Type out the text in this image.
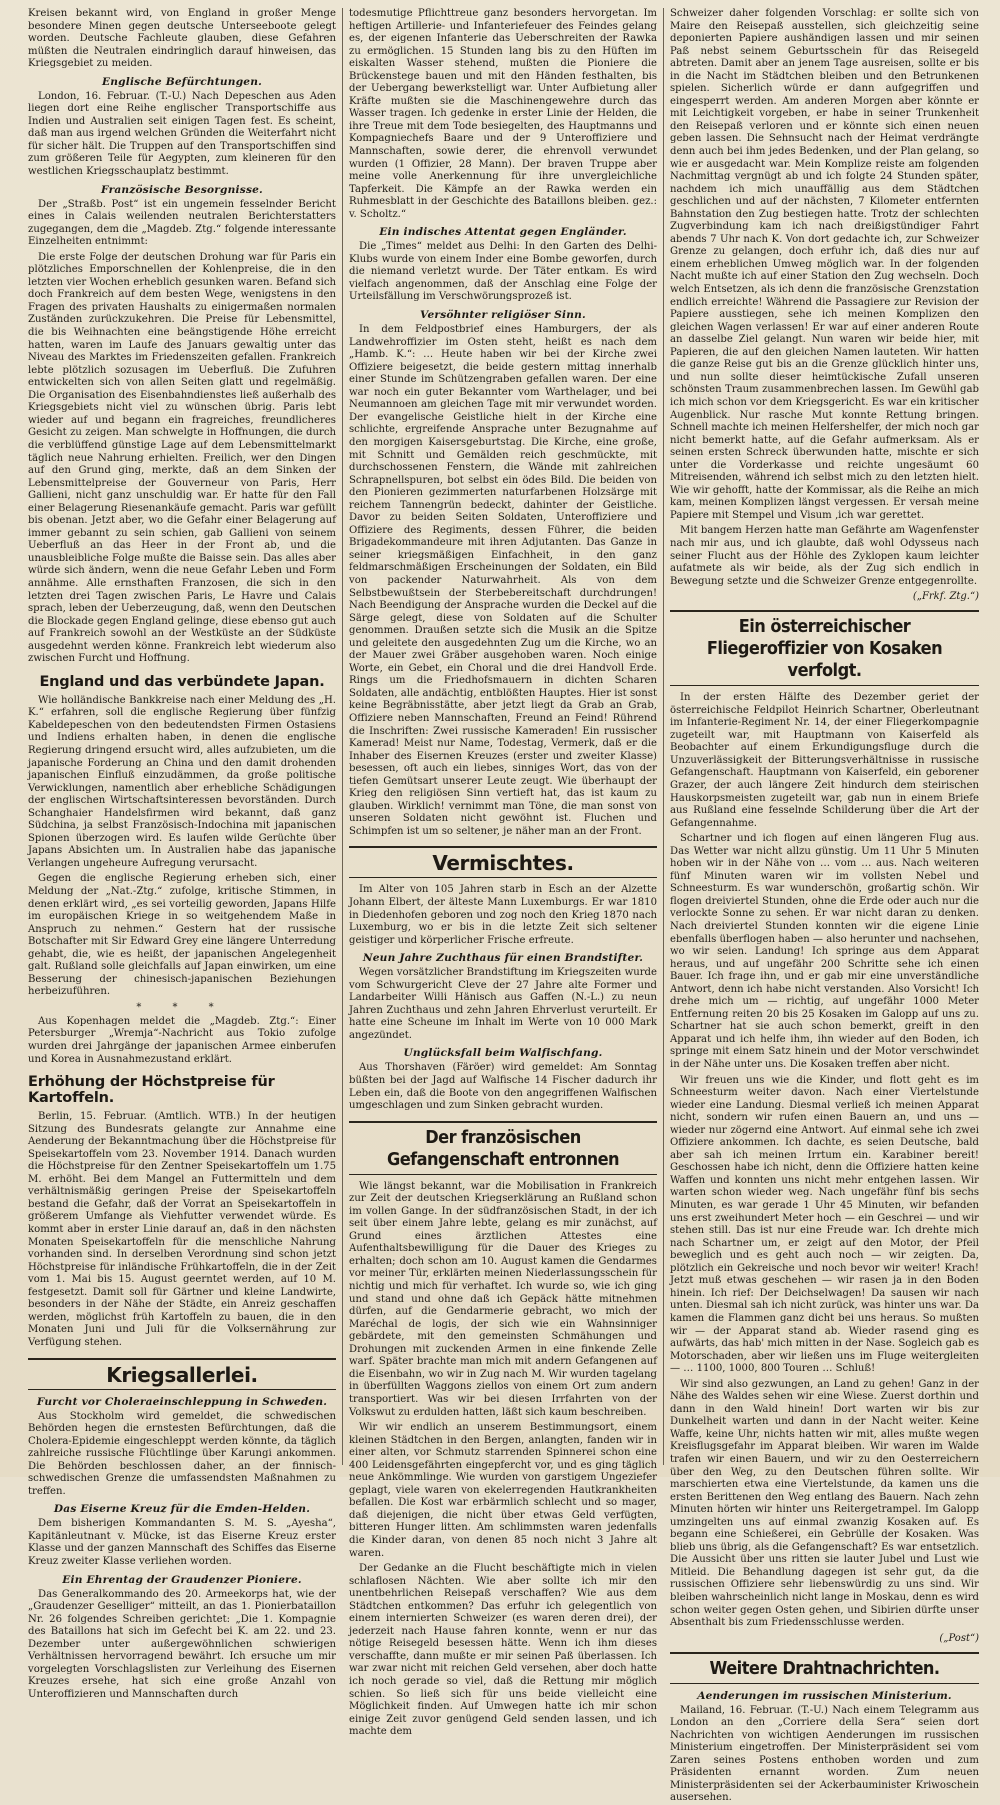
Kreisen bekannt wird, von England in großer Menge besondere Minen gegen deutsche Unterseeboote gelegt worden. Deutsche Fachleute glauben, diese Gefahren müßten die Neutralen eindringlich darauf hinweisen, das Kriegsgebiet zu meiden.

Englische Befürchtungen.

London, 16. Februar. (T.-U.) Nach Depeschen aus Aden liegen dort eine Reihe englischer Transportschiffe aus Indien und Australien seit einigen Tagen fest. Es scheint, daß man aus irgend welchen Gründen die Weiterfahrt nicht für sicher hält. Die Truppen auf den Transportschiffen sind zum größeren Teile für Aegypten, zum kleineren für den westlichen Kriegsschauplatz bestimmt.

Französische Besorgnisse.

Der „Straßb. Post“ ist ein ungemein fesselnder Bericht eines in Calais weilenden neutralen Berichterstatters zugegangen, dem die „Magdeb. Ztg.“ folgende interessante Einzelheiten entnimmt:

Die erste Folge der deutschen Drohung war für Paris ein plötzliches Emporschnellen der Kohlenpreise, die in den letzten vier Wochen erheblich gesunken waren. Befand sich doch Frankreich auf dem besten Wege, wenigstens in den Fragen des privaten Haushalts zu einigermaßen normalen Zuständen zurückzukehren. Die Preise für Lebensmittel, die bis Weihnachten eine beängstigende Höhe erreicht hatten, waren im Laufe des Januars gewaltig unter das Niveau des Marktes im Friedenszeiten gefallen. Frankreich lebte plötzlich sozusagen im Ueberfluß. Die Zufuhren entwickelten sich von allen Seiten glatt und regelmäßig. Die Organisation des Eisenbahndienstes ließ außerhalb des Kriegsgebiets nicht viel zu wünschen übrig. Paris lebt wieder auf und begann ein fragreiches, freundlicheres Gesicht zu zeigen. Man schwelgte in Hoffnungen, die durch die verblüffend günstige Lage auf dem Lebensmittelmarkt täglich neue Nahrung erhielten. Freilich, wer den Dingen auf den Grund ging, merkte, daß an dem Sinken der Lebensmittelpreise der Gouverneur von Paris, Herr Gallieni, nicht ganz unschuldig war. Er hatte für den Fall einer Belagerung Riesenankäufe gemacht. Paris war gefüllt bis obenan. Jetzt aber, wo die Gefahr einer Belagerung auf immer gebannt zu sein schien, gab Gallieni von seinem Ueberfluß an das Heer in der Front ab, und die unausbleibliche Folge mußte die Baisse sein. Das alles aber würde sich ändern, wenn die neue Gefahr Leben und Form annähme. Alle ernsthaften Franzosen, die sich in den letzten drei Tagen zwischen Paris, Le Havre und Calais sprach, leben der Ueberzeugung, daß, wenn den Deutschen die Blockade gegen England gelinge, diese ebenso gut auch auf Frankreich sowohl an der Westküste an der Südküste ausgedehnt werden könne. Frankreich lebt wiederum also zwischen Furcht und Hoffnung.

England und das verbündete Japan.

Wie holländische Bankkreise nach einer Meldung des „H. K.“ erfahren, soll die englische Regierung über fünfzig Kabeldepeschen von den bedeutendsten Firmen Ostasiens und Indiens erhalten haben, in denen die englische Regierung dringend ersucht wird, alles aufzubieten, um die japanische Forderung an China und den damit drohenden japanischen Einfluß einzudämmen, da große politische Verwicklungen, namentlich aber erhebliche Schädigungen der englischen Wirtschaftsinteressen bevorständen. Durch Schanghaier Handelsfirmen wird bekannt, daß ganz Südchina, ja selbst Französisch-Indochina mit japanischen Spionen überzogen wird. Es laufen wilde Gerüchte über Japans Absichten um. In Australien habe das japanische Verlangen ungeheure Aufregung verursacht.

Gegen die englische Regierung erheben sich, einer Meldung der „Nat.-Ztg.“ zufolge, kritische Stimmen, in denen erklärt wird, „es sei vorteilig geworden, Japans Hilfe im europäischen Kriege in so weitgehendem Maße in Anspruch zu nehmen.“ Gestern hat der russische Botschafter mit Sir Edward Grey eine längere Unterredung gehabt, die, wie es heißt, der japanischen Angelegenheit galt. Rußland solle gleichfalls auf Japan einwirken, um eine Besserung der chinesisch-japanischen Beziehungen herbeizuführen.

* * *

Aus Kopenhagen meldet die „Magdeb. Ztg.“: Einer Petersburger „Wremja“-Nachricht aus Tokio zufolge wurden drei Jahrgänge der japanischen Armee einberufen und Korea in Ausnahmezustand erklärt.

Erhöhung der Höchstpreise für Kartoffeln.

Berlin, 15. Februar. (Amtlich. WTB.) In der heutigen Sitzung des Bundesrats gelangte zur Annahme eine Aenderung der Bekanntmachung über die Höchstpreise für Speisekartoffeln vom 23. November 1914. Danach wurden die Höchstpreise für den Zentner Speisekartoffeln um 1.75 M. erhöht. Bei dem Mangel an Futtermitteln und dem verhältnismäßig geringen Preise der Speisekartoffeln bestand die Gefahr, daß der Vorrat an Speisekartoffeln in größerem Umfange als Viehfutter verwendet würde. Es kommt aber in erster Linie darauf an, daß in den nächsten Monaten Speisekartoffeln für die menschliche Nahrung vorhanden sind. In derselben Verordnung sind schon jetzt Höchstpreise für inländische Frühkartoffeln, die in der Zeit vom 1. Mai bis 15. August geerntet werden, auf 10 M. festgesetzt. Damit soll für Gärtner und kleine Landwirte, besonders in der Nähe der Städte, ein Anreiz geschaffen werden, möglichst früh Kartoffeln zu bauen, die in den Monaten Juni und Juli für die Volksernährung zur Verfügung stehen.

Kriegsallerlei.
Furcht vor Choleraeinschleppung in Schweden.

Aus Stockholm wird gemeldet, die schwedischen Behörden hegen die ernstesten Befürchtungen, daß die Cholera-Epidemie eingeschleppt werden könnte, da täglich zahlreiche russische Flüchtlinge über Karungi ankommen. Die Behörden beschlossen daher, an der finnisch-schwedischen Grenze die umfassendsten Maßnahmen zu treffen.

Das Eiserne Kreuz für die Emden-Helden.

Dem bisherigen Kommandanten S. M. S. „Ayesha“, Kapitänleutnant v. Mücke, ist das Eiserne Kreuz erster Klasse und der ganzen Mannschaft des Schiffes das Eiserne Kreuz zweiter Klasse verliehen worden.

Ein Ehrentag der Graudenzer Pioniere.

Das Generalkommando des 20. Armeekorps hat, wie der „Graudenzer Geselliger“ mitteilt, an das 1. Pionierbataillon Nr. 26 folgendes Schreiben gerichtet: „Die 1. Kompagnie des Bataillons hat sich im Gefecht bei K. am 22. und 23. Dezember unter außergewöhnlichen schwierigen Verhältnissen hervorragend bewährt. Ich ersuche um mir vorgelegten Vorschlagslisten zur Verleihung des Eisernen Kreuzes ersehe, hat sich eine große Anzahl von Unteroffizieren und Mannschaften durch

todesmutige Pflichttreue ganz besonders hervorgetan. Im heftigen Artillerie- und Infanteriefeuer des Feindes gelang es, der eigenen Infanterie das Ueberschreiten der Rawka zu ermöglichen. 15 Stunden lang bis zu den Hüften im eiskalten Wasser stehend, mußten die Pioniere die Brückenstege bauen und mit den Händen festhalten, bis der Uebergang bewerkstelligt war. Unter Aufbietung aller Kräfte mußten sie die Maschinengewehre durch das Wasser tragen. Ich gedenke in erster Linie der Helden, die ihre Treue mit dem Tode besiegelten, des Hauptmanns und Kompagniechefs Baare und der 9 Unteroffiziere und Mannschaften, sowie derer, die ehrenvoll verwundet wurden (1 Offizier, 28 Mann). Der braven Truppe aber meine volle Anerkennung für ihre unvergleichliche Tapferkeit. Die Kämpfe an der Rawka werden ein Ruhmesblatt in der Geschichte des Bataillons bleiben. gez.: v. Scholtz.“

Ein indisches Attentat gegen Engländer.

Die „Times“ meldet aus Delhi: In den Garten des Delhi-Klubs wurde von einem Inder eine Bombe geworfen, durch die niemand verletzt wurde. Der Täter entkam. Es wird vielfach angenommen, daß der Anschlag eine Folge der Urteilsfällung im Verschwörungsprozeß ist.

Versöhnter religiöser Sinn.

In dem Feldpostbrief eines Hamburgers, der als Landwehroffizier im Osten steht, heißt es nach dem „Hamb. K.“: … Heute haben wir bei der Kirche zwei Offiziere beigesetzt, die beide gestern mittag innerhalb einer Stunde im Schützengraben gefallen waren. Der eine war noch ein guter Bekannter vom Warthelager, und bei Neumannoen am gleichen Tage mit mir verwundet worden. Der evangelische Geistliche hielt in der Kirche eine schlichte, ergreifende Ansprache unter Bezugnahme auf den morgigen Kaisersgeburtstag. Die Kirche, eine große, mit Schnitt und Gemälden reich geschmückte, mit durchschossenen Fenstern, die Wände mit zahlreichen Schrapnellspuren, bot selbst ein ödes Bild. Die beiden von den Pionieren gezimmerten naturfarbenen Holzsärge mit reichem Tannengrün bedeckt, dahinter der Geistliche. Davor zu beiden Seiten Soldaten, Unteroffiziere und Offiziere des Regiments, dessen Führer, die beiden Brigadekommandeure mit ihren Adjutanten. Das Ganze in seiner kriegsmäßigen Einfachheit, in den ganz feldmarschmäßigen Erscheinungen der Soldaten, ein Bild von packender Naturwahrheit. Als von dem Selbstbewußtsein der Sterbebereitschaft durchdrungen! Nach Beendigung der Ansprache wurden die Deckel auf die Särge gelegt, diese von Soldaten auf die Schulter genommen. Draußen setzte sich die Musik an die Spitze und geleitete den ausgedehnten Zug um die Kirche, wo an der Mauer zwei Gräber ausgehoben waren. Noch einige Worte, ein Gebet, ein Choral und die drei Handvoll Erde. Rings um die Friedhofsmauern in dichten Scharen Soldaten, alle andächtig, entblößten Hauptes. Hier ist sonst keine Begräbnisstätte, aber jetzt liegt da Grab an Grab, Offiziere neben Mannschaften, Freund an Feind! Rührend die Inschriften: Zwei russische Kameraden! Ein russischer Kamerad! Meist nur Name, Todestag, Vermerk, daß er die Inhaber des Eisernen Kreuzes (erster und zweiter Klasse) besessen, oft auch ein liebes, sinniges Wort, das von der tiefen Gemütsart unserer Leute zeugt. Wie überhaupt der Krieg den religiösen Sinn vertieft hat, das ist kaum zu glauben. Wirklich! vernimmt man Töne, die man sonst von unseren Soldaten nicht gewöhnt ist. Fluchen und Schimpfen ist um so seltener, je näher man an der Front.

Vermischtes.

Im Alter von 105 Jahren starb in Esch an der Alzette Johann Elbert, der älteste Mann Luxemburgs. Er war 1810 in Diedenhofen geboren und zog noch den Krieg 1870 nach Luxemburg, wo er bis in die letzte Zeit sich seltener geistiger und körperlicher Frische erfreute.

Neun Jahre Zuchthaus für einen Brandstifter.

Wegen vorsätzlicher Brandstiftung im Kriegszeiten wurde vom Schwurgericht Cleve der 27 Jahre alte Former und Landarbeiter Willi Hänisch aus Gaffen (N.-L.) zu neun Jahren Zuchthaus und zehn Jahren Ehrverlust verurteilt. Er hatte eine Scheune im Inhalt im Werte von 10 000 Mark angezündet.

Unglücksfall beim Walfischfang.

Aus Thorshaven (Färöer) wird gemeldet: Am Sonntag büßten bei der Jagd auf Walfische 14 Fischer dadurch ihr Leben ein, daß die Boote von den angegriffenen Walfischen umgeschlagen und zum Sinken gebracht wurden.

Der französischen Gefangenschaft entronnen

Wie längst bekannt, war die Mobilisation in Frankreich zur Zeit der deutschen Kriegserklärung an Rußland schon im vollen Gange. In der südfranzösischen Stadt, in der ich seit über einem Jahre lebte, gelang es mir zunächst, auf Grund eines ärztlichen Attestes eine Aufenthaltsbewilligung für die Dauer des Krieges zu erhalten; doch schon am 10. August kamen die Gendarmes vor meiner Tür, erklärten meinen Niederlassungsschein für nichtig und mich für verhaftet. Ich wurde so, wie ich ging und stand und ohne daß ich Gepäck hätte mitnehmen dürfen, auf die Gendarmerie gebracht, wo mich der Maréchal de logis, der sich wie ein Wahnsinniger gebärdete, mit den gemeinsten Schmähungen und Drohungen mit zuckenden Armen in eine finkende Zelle warf. Später brachte man mich mit andern Gefangenen auf die Eisenbahn, wo wir in Zug nach M. Wir wurden tagelang in überfüllten Waggons ziellos von einem Ort zum andern transportiert. Was wir bei diesen Irrfahrten von der Volkswut zu erdulden hatten, läßt sich kaum beschreiben.

Wir wir endlich an unserem Bestimmungsort, einem kleinen Städtchen in den Bergen, anlangten, fanden wir in einer alten, vor Schmutz starrenden Spinnerei schon eine 400 Leidensgefährten eingepfercht vor, und es ging täglich neue Ankömmlinge. Wie wurden von garstigem Ungeziefer geplagt, viele waren von ekelerregenden Hautkrankheiten befallen. Die Kost war erbärmlich schlecht und so mager, daß diejenigen, die nicht über etwas Geld verfügten, bitteren Hunger litten. Am schlimmsten waren jedenfalls die Kinder daran, von denen 85 noch nicht 3 Jahre alt waren.

Der Gedanke an die Flucht beschäftigte mich in vielen schlaflosen Nächten. Wie aber sollte ich mir den unentbehrlichen Reisepaß verschaffen? Wie aus dem Städtchen entkommen? Das erfuhr ich gelegentlich von einem internierten Schweizer (es waren deren drei), der jederzeit nach Hause fahren konnte, wenn er nur das nötige Reisegeld besessen hätte. Wenn ich ihm dieses verschaffte, dann mußte er mir seinen Paß überlassen. Ich war zwar nicht mit reichen Geld versehen, aber doch hatte ich noch gerade so viel, daß die Rettung mir möglich schien. So ließ sich für uns beide vielleicht eine Möglichkeit finden. Auf Umwegen hatte ich mir schon einige Zeit zuvor genügend Geld senden lassen, und ich machte dem

Schweizer daher folgenden Vorschlag: er sollte sich von Maire den Reisepaß ausstellen, sich gleichzeitig seine deponierten Papiere aushändigen lassen und mir seinen Paß nebst seinem Geburtsschein für das Reisegeld abtreten. Damit aber an jenem Tage ausreisen, sollte er bis in die Nacht im Städtchen bleiben und den Betrunkenen spielen. Sicherlich würde er dann aufgegriffen und eingesperrt werden. Am anderen Morgen aber könnte er mit Leichtigkeit vorgeben, er habe in seiner Trunkenheit den Reisepaß verloren und er könnte sich einen neuen geben lassen. Die Sehnsucht nach der Heimat verdrängte denn auch bei ihm jedes Bedenken, und der Plan gelang, so wie er ausgedacht war. Mein Komplize reiste am folgenden Nachmittag vergnügt ab und ich folgte 24 Stunden später, nachdem ich mich unauffällig aus dem Städtchen geschlichen und auf der nächsten, 7 Kilometer entfernten Bahnstation den Zug bestiegen hatte. Trotz der schlechten Zugverbindung kam ich nach dreißigstündiger Fahrt abends 7 Uhr nach K. Von dort gedachte ich, zur Schweizer Grenze zu gelangen, doch erfuhr ich, daß dies nur auf einem erheblichen Umweg möglich war. In der folgenden Nacht mußte ich auf einer Station den Zug wechseln. Doch welch Entsetzen, als ich denn die französische Grenzstation endlich erreichte! Während die Passagiere zur Revision der Papiere ausstiegen, sehe ich meinen Komplizen den gleichen Wagen verlassen! Er war auf einer anderen Route an dasselbe Ziel gelangt. Nun waren wir beide hier, mit Papieren, die auf den gleichen Namen lauteten. Wir hatten die ganze Reise gut bis an die Grenze glücklich hinter uns, und nun sollte dieser heimtückische Zufall unseren schönsten Traum zusammenbrechen lassen. Im Gewühl gab ich mich schon vor dem Kriegsgericht. Es war ein kritischer Augenblick. Nur rasche Mut konnte Rettung bringen. Schnell machte ich meinen Helfershelfer, der mich noch gar nicht bemerkt hatte, auf die Gefahr aufmerksam. Als er seinen ersten Schreck überwunden hatte, mischte er sich unter die Vorderkasse und reichte ungesäumt 60 Mitreisenden, während ich selbst mich zu den letzten hielt. Wie wir gehofft, hatte der Kommissar, als die Reihe an mich kam, meinen Komplizen längst vergessen. Er versah meine Papiere mit Stempel und Visum ‚ich war gerettet.

Mit bangem Herzen hatte man Gefährte am Wagenfenster nach mir aus, und ich glaubte, daß wohl Odysseus nach seiner Flucht aus der Höhle des Zyklopen kaum leichter aufatmete als wir beide, als der Zug sich endlich in Bewegung setzte und die Schweizer Grenze entgegenrollte.

(„Frkf. Ztg.“)
Ein österreichischer Fliegeroffizier von Kosaken verfolgt.

In der ersten Hälfte des Dezember geriet der österreichische Feldpilot Heinrich Schartner, Oberleutnant im Infanterie-Regiment Nr. 14, der einer Fliegerkompagnie zugeteilt war, mit Hauptmann von Kaiserfeld als Beobachter auf einem Erkundigungsfluge durch die Unzuverlässigkeit der Bitterungsverhältnisse in russische Gefangenschaft. Hauptmann von Kaiserfeld, ein geborener Grazer, der auch längere Zeit hindurch dem steirischen Hauskorpsmeisten zugeteilt war, gab nun in einem Briefe aus Rußland eine fesselnde Schilderung über die Art der Gefangennahme.

Schartner und ich flogen auf einen längeren Flug aus. Das Wetter war nicht allzu günstig. Um 11 Uhr 5 Minuten hoben wir in der Nähe von … vom … aus. Nach weiteren fünf Minuten waren wir im vollsten Nebel und Schneesturm. Es war wunderschön, großartig schön. Wir flogen dreiviertel Stunden, ohne die Erde oder auch nur die verlockte Sonne zu sehen. Er war nicht daran zu denken. Nach dreiviertel Stunden konnten wir die eigene Linie ebenfalls überflogen haben — also herunter und nachsehen, wo wir seien. Landung! Ich springe aus dem Apparat heraus, und auf ungefähr 200 Schritte sehe ich einen Bauer. Ich frage ihn, und er gab mir eine unverständliche Antwort, denn ich habe nicht verstanden. Also Vorsicht! Ich drehe mich um — richtig, auf ungefähr 1000 Meter Entfernung reiten 20 bis 25 Kosaken im Galopp auf uns zu. Schartner hat sie auch schon bemerkt, greift in den Apparat und ich helfe ihm, ihn wieder auf den Boden, ich springe mit einem Satz hinein und der Motor verschwindet in der Nähe unter uns. Die Kosaken treffen aber nicht.

Wir freuen uns wie die Kinder, und flott geht es im Schneesturm weiter davon. Nach einer Viertelstunde wieder eine Landung. Diesmal verließ ich meinen Apparat nicht, sondern wir rufen einen Bauern an, und uns — wieder nur zögernd eine Antwort. Auf einmal sehe ich zwei Offiziere ankommen. Ich dachte, es seien Deutsche, bald aber sah ich meinen Irrtum ein. Karabiner bereit! Geschossen habe ich nicht, denn die Offiziere hatten keine Waffen und konnten uns nicht mehr entgehen lassen. Wir warten schon wieder weg. Nach ungefähr fünf bis sechs Minuten, es war gerade 1 Uhr 45 Minuten, wir befanden uns erst zweihundert Meter hoch — ein Geschrei — und wir stehen still. Das ist nur eine Freude war. Ich drehte mich nach Schartner um, er zeigt auf den Motor, der Pfeil beweglich und es geht auch noch — wir zeigten. Da, plötzlich ein Gekreische und noch bevor wir weiter! Krach! Jetzt muß etwas geschehen — wir rasen ja in den Boden hinein. Ich rief: Der Deichselwagen! Da sausen wir nach unten. Diesmal sah ich nicht zurück, was hinter uns war. Da kamen die Flammen ganz dicht bei uns heraus. So mußten wir — der Apparat stand ab. Wieder rasend ging es aufwärts, das hab' mich mitten in der Nase. Sogleich gab es Motorschaden, aber wir ließen uns im Fluge weitergleiten — … 1100, 1000, 800 Touren … Schluß!

Wir sind also gezwungen, an Land zu gehen! Ganz in der Nähe des Waldes sehen wir eine Wiese. Zuerst dorthin und dann in den Wald hinein! Dort warten wir bis zur Dunkelheit warten und dann in der Nacht weiter. Keine Waffe, keine Uhr, nichts hatten wir mit, alles mußte wegen Kreisflugsgefahr im Apparat bleiben. Wir waren im Walde trafen wir einen Bauern, und wir zu den Oesterreichern über den Weg, zu den Deutschen führen sollte. Wir marschierten etwa eine Viertelstunde, da kamen uns die ersten Berittenen den Weg entlang des Bauern. Nach zehn Minuten hörten wir hinter uns Reitergetrampel. Im Galopp umzingelten uns auf einmal zwanzig Kosaken auf. Es begann eine Schießerei, ein Gebrülle der Kosaken. Was blieb uns übrig, als die Gefangenschaft? Es war entsetzlich. Die Aussicht über uns ritten sie lauter Jubel und Lust wie Mitleid. Die Behandlung dagegen ist sehr gut, da die russischen Offiziere sehr liebenswürdig zu uns sind. Wir bleiben wahrscheinlich nicht lange in Moskau, denn es wird schon weiter gegen Osten gehen, und Sibirien dürfte unser Absenthalt bis zum Friedensschlusse werden.

(„Post“)
Weitere Drahtnachrichten.
Aenderungen im russischen Ministerium.

Mailand, 16. Februar. (T.-U.) Nach einem Telegramm aus London an den „Corriere della Sera“ seien dort Nachrichten von wichtigen Aenderungen im russischen Ministerium eingetroffen. Der Ministerpräsident sei vom Zaren seines Postens enthoben worden und zum Präsidenten ernannt worden. Zum neuen Ministerpräsidenten sei der Ackerbauminister Kriwoschein ausersehen.
